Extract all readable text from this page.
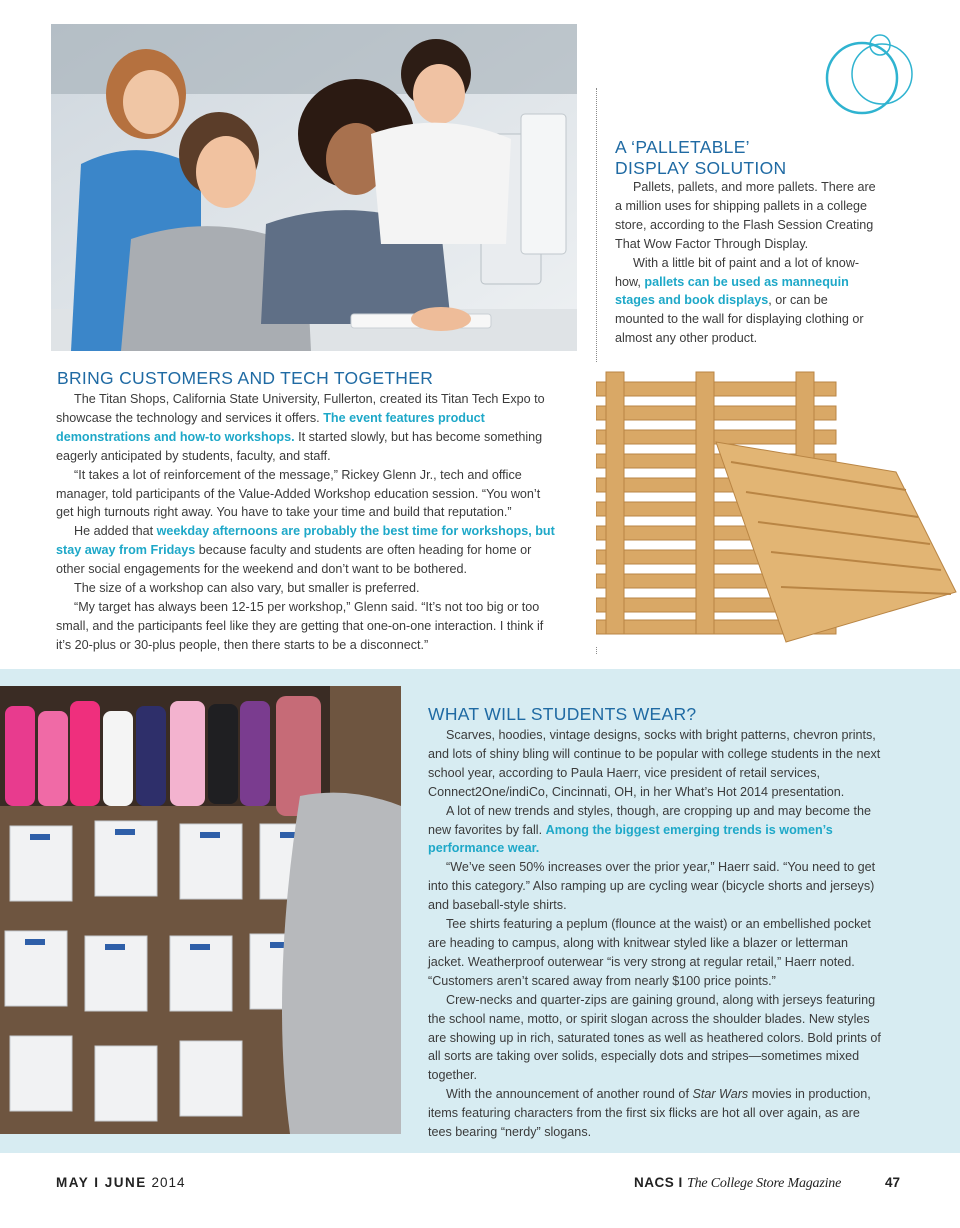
BRING CUSTOMERS AND TECH TOGETHER

The Titan Shops, California State University, Fullerton, created its Titan Tech Expo to showcase the technology and services it offers. The event features product demonstrations and how-to workshops. It started slowly, but has become something eagerly anticipated by students, faculty, and staff.

“It takes a lot of reinforcement of the message,” Rickey Glenn Jr., tech and office manager, told participants of the Value-Added Workshop education session. “You won’t get high turnouts right away. You have to take your time and build that reputation.”

He added that weekday afternoons are probably the best time for workshops, but stay away from Fridays because faculty and students are often heading for home or other social engagements for the weekend and don’t want to be bothered.

The size of a workshop can also vary, but smaller is preferred.

“My target has always been 12-15 per workshop,” Glenn said. “It’s not too big or too small, and the participants feel like they are getting that one-on-one interaction. I think if it’s 20-plus or 30-plus people, then there starts to be a disconnect.”

A ‘PALLETABLE’
DISPLAY SOLUTION

Pallets, pallets, and more pallets. There are a million uses for shipping pallets in a college store, according to the Flash Session Creating That Wow Factor Through Display.

With a little bit of paint and a lot of know-how, pallets can be used as mannequin stages and book displays, or can be mounted to the wall for displaying clothing or almost any other product.

WHAT WILL STUDENTS WEAR?

Scarves, hoodies, vintage designs, socks with bright patterns, chevron prints, and lots of shiny bling will continue to be popular with college students in the next school year, according to Paula Haerr, vice president of retail services, Connect2One/indiCo, Cincinnati, OH, in her What’s Hot 2014 presentation.

A lot of new trends and styles, though, are cropping up and may become the new favorites by fall. Among the biggest emerging trends is women’s performance wear.

“We’ve seen 50% increases over the prior year,” Haerr said. “You need to get into this category.” Also ramping up are cycling wear (bicycle shorts and jerseys) and baseball-style shirts.

Tee shirts featuring a peplum (flounce at the waist) or an embellished pocket are heading to campus, along with knitwear styled like a blazer or letterman jacket. Weatherproof outerwear “is very strong at regular retail,” Haerr noted. “Customers aren’t scared away from nearly $100 price points.”

Crew-necks and quarter-zips are gaining ground, along with jerseys featuring the school name, motto, or spirit slogan across the shoulder blades. New styles are showing up in rich, saturated tones as well as heathered colors. Bold prints of all sorts are taking over solids, especially dots and stripes—sometimes mixed together.

With the announcement of another round of Star Wars movies in production, items featuring characters from the first six flicks are hot all over again, as are tees bearing “nerdy” slogans.

MAY I JUNE 2014	NACS I The College Store Magazine	47
